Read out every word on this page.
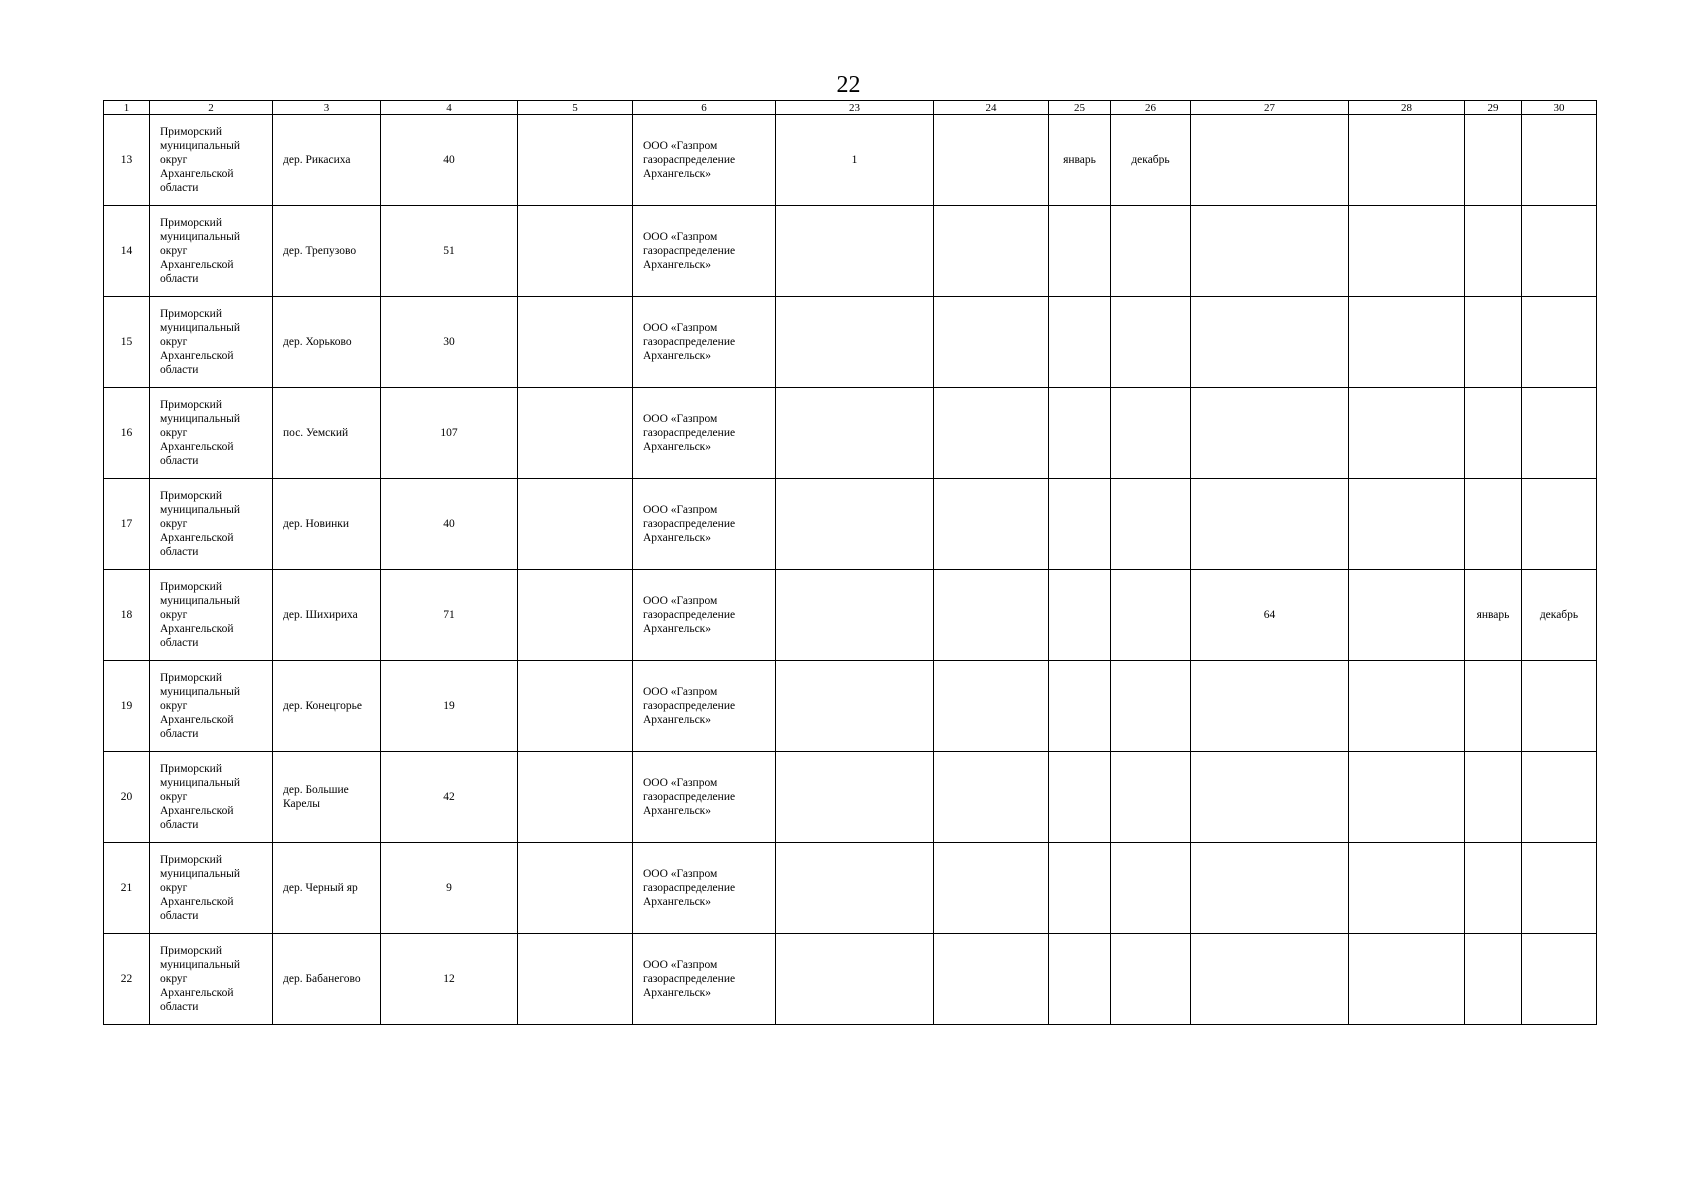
22
1	2	3	4	5	6	23	24	25	26	27	28	29	30
13	Приморский
муниципальный
округ
Архангельской
области	дер. Рикасиха	40		ООО «Газпром
газораспределение
Архангельск»	1		январь	декабрь				
14	Приморский
муниципальный
округ
Архангельской
области	дер. Трепузово	51		ООО «Газпром
газораспределение
Архангельск»								
15	Приморский
муниципальный
округ
Архангельской
области	дер. Хорьково	30		ООО «Газпром
газораспределение
Архангельск»								
16	Приморский
муниципальный
округ
Архангельской
области	пос. Уемский	107		ООО «Газпром
газораспределение
Архангельск»								
17	Приморский
муниципальный
округ
Архангельской
области	дер. Новинки	40		ООО «Газпром
газораспределение
Архангельск»								
18	Приморский
муниципальный
округ
Архангельской
области	дер. Шихириха	71		ООО «Газпром
газораспределение
Архангельск»					64		январь	декабрь
19	Приморский
муниципальный
округ
Архангельской
области	дер. Конецгорье	19		ООО «Газпром
газораспределение
Архангельск»								
20	Приморский
муниципальный
округ
Архангельской
области	дер. Большие Карелы	42		ООО «Газпром
газораспределение
Архангельск»								
21	Приморский
муниципальный
округ
Архангельской
области	дер. Черный яр	9		ООО «Газпром
газораспределение
Архангельск»								
22	Приморский
муниципальный
округ
Архангельской
области	дер. Бабанегово	12		ООО «Газпром
газораспределение
Архангельск»								
